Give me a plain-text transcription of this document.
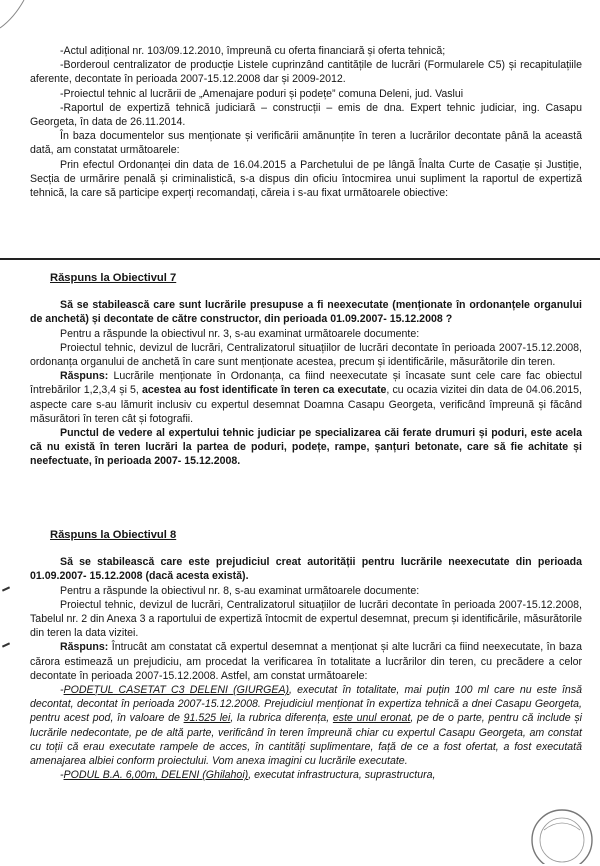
-Actul adițional nr. 103/09.12.2010, împreună cu oferta financiară și oferta tehnică;

-Borderoul centralizator de producție Listele cuprinzând cantitățile de lucrări (Formularele C5) și recapitulațiile aferente, decontate în perioada 2007-15.12.2008 dar și 2009-2012.

-Proiectul tehnic al lucrării de „Amenajare poduri și podețe” comuna Deleni, jud. Vaslui

-Raportul de expertiză tehnică judiciară – construcții – emis de dna. Expert tehnic judiciar, ing. Casapu Georgeta, în data de 26.11.2014.

În baza documentelor sus menționate și verificării amănunțite în teren a lucrărilor decontate până la această dată, am constatat următoarele:

Prin efectul Ordonanței din data de 16.04.2015 a Parchetului de pe lângă Înalta Curte de Casație și Justiție, Secția de urmărire penală și criminalistică, s-a dispus din oficiu întocmirea unui supliment la raportul de expertiză tehnică, la care să participe experți recomandați, căreia i s-au fixat următoarele obiective:

Răspuns la Obiectivul 7

Să se stabilească care sunt lucrările presupuse a fi neexecutate (menționate în ordonanțele organului de anchetă) și decontate de către constructor, din perioada 01.09.2007- 15.12.2008 ?

Pentru a răspunde la obiectivul nr. 3, s-au examinat următoarele documente:

Proiectul tehnic, devizul de lucrări, Centralizatorul situațiilor de lucrări decontate în perioada 2007-15.12.2008, ordonanța organului de anchetă în care sunt menționate acestea, precum și identificările, măsurătorile din teren.

Răspuns: Lucrările menționate în Ordonanța, ca fiind neexecutate și încasate sunt cele care fac obiectul întrebărilor 1,2,3,4 și 5, acestea au fost identificate în teren ca executate, cu ocazia vizitei din data de 04.06.2015, aspecte care s-au lămurit inclusiv cu expertul desemnat Doamna Casapu Georgeta, verificând împreună și făcând măsurători în teren cât și fotografii.

Punctul de vedere al expertului tehnic judiciar pe specializarea căi ferate drumuri și poduri, este acela că nu există în teren lucrări la partea de poduri, podețe, rampe, șanțuri betonate, care să fie achitate și neefectuate, în perioada 2007- 15.12.2008.

Răspuns la Obiectivul 8

Să se stabilească care este prejudiciul creat autorității pentru lucrările neexecutate din perioada 01.09.2007- 15.12.2008 (dacă acesta există).

Pentru a răspunde la obiectivul nr. 8, s-au examinat următoarele documente:

Proiectul tehnic, devizul de lucrări, Centralizatorul situațiilor de lucrări decontate în perioada 2007-15.12.2008, Tabelul nr. 2 din Anexa 3 a raportului de expertiză întocmit de expertul desemnat, precum și identificările, măsurătorile din teren la data vizitei.

Răspuns: Întrucât am constatat că expertul desemnat a menționat și alte lucrări ca fiind neexecutate, în baza cărora estimează un prejudiciu, am procedat la verificarea în totalitate a lucrărilor din teren, cu precădere a celor decontate în perioada 2007-15.12.2008. Astfel, am constat următoarele:

-PODEȚUL CASETAT C3 DELENI (GIURGEA), executat în totalitate, mai puțin 100 ml care nu este însă decontat, decontat în perioada 2007-15.12.2008. Prejudiciul menționat în expertiza tehnică a dnei Casapu Georgeta, pentru acest pod, în valoare de 91.525 lei, la rubrica diferența, este unul eronat, pe de o parte, pentru că include și lucrările nedecontate, pe de altă parte, verificând în teren împreună chiar cu expertul Casapu Georgeta, am constat cu toții că erau executate rampele de acces, în cantități suplimentare, față de ce a fost ofertat, a fost executată amenajarea albiei conform proiectului. Vom anexa imagini cu lucrările executate.

-PODUL B.A. 6,00m, DELENI (Ghilahoi), executat infrastructura, suprastructura,
